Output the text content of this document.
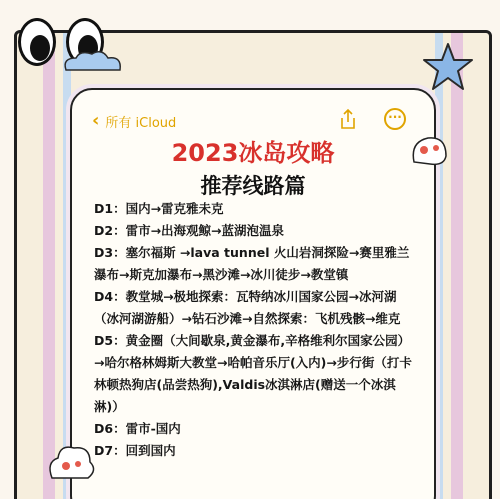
‹ 所有 iCloud	···
2023冰岛攻略
推荐线路篇

D1：国内→雷克雅未克

D2：雷市→出海观鲸→蓝湖泡温泉

D3：塞尔福斯 →lava tunnel 火山岩洞探险→赛里雅兰瀑布→斯克加瀑布→黑沙滩→冰川徒步→教堂镇

D4：教堂城→极地探索：瓦特纳冰川国家公园→冰河湖（冰河湖游船）→钻石沙滩→自然探索：飞机残骸→维克

D5：黄金圈（大间歇泉,黄金瀑布,辛格维利尔国家公园）→哈尔格林姆斯大教堂→哈帕音乐厅(入内)→步行街（打卡林顿热狗店(品尝热狗),Valdis冰淇淋店(赠送一个冰淇淋)）

D6：雷市-国内

D7：回到国内
